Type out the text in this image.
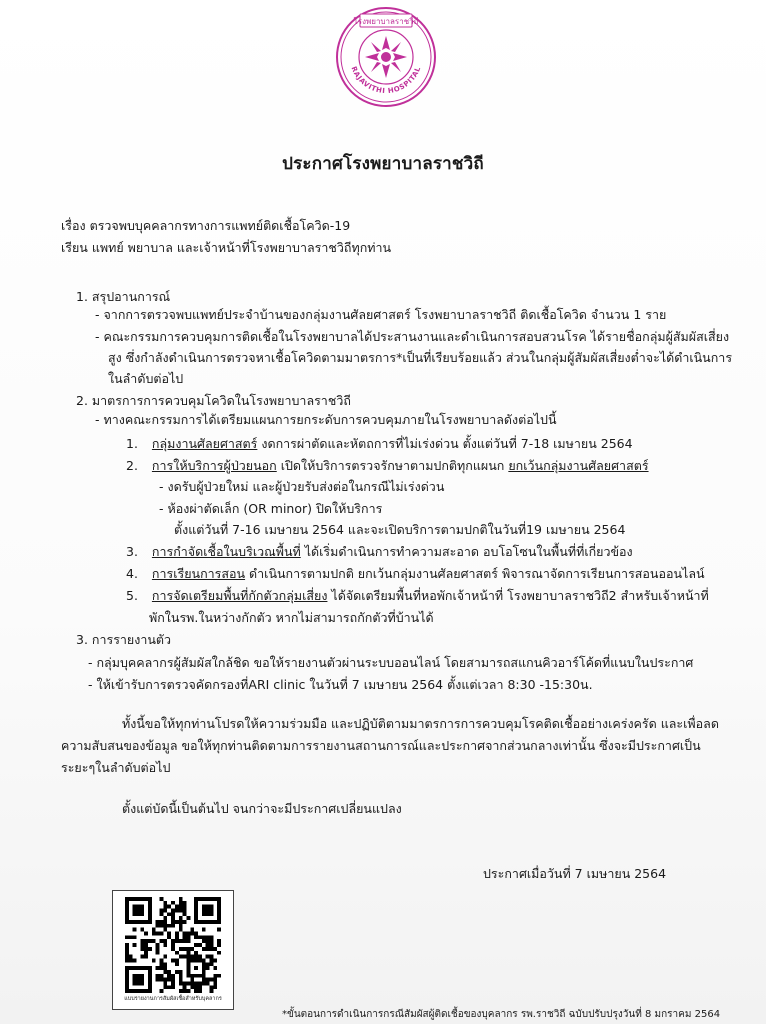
โรงพยาบาลราชวิถี
RAJAVITHI HOSPITAL
ประกาศโรงพยาบาลราชวิถี
เรื่อง ตรวจพบบุคคลากรทางการแพทย์ติดเชื้อโควิด-19
เรียน แพทย์ พยาบาล และเจ้าหน้าที่โรงพยาบาลราชวิถีทุกท่าน
1. สรุปอานการณ์
- จากการตรวจพบแพทย์ประจำบ้านของกลุ่มงานศัลยศาสตร์ โรงพยาบาลราชวิถี ติดเชื้อโควิด จำนวน 1 ราย
- คณะกรรมการควบคุมการติดเชื้อในโรงพยาบาลได้ประสานงานและดำเนินการสอบสวนโรค ได้รายชื่อกลุ่มผู้สัมผัสเสี่ยง
สูง ซึ่งกำลังดำเนินการตรวจหาเชื้อโควิดตามมาตรการ*เป็นที่เรียบร้อยแล้ว ส่วนในกลุ่มผู้สัมผัสเสี่ยงต่ำจะได้ดำเนินการ
ในลำดับต่อไป
2. มาตรการการควบคุมโควิดในโรงพยาบาลราชวิถี
- ทางคณะกรรมการได้เตรียมแผนการยกระดับการควบคุมภายในโรงพยาบาลดังต่อไปนี้
1. กลุ่มงานศัลยศาสตร์ งดการผ่าตัดและหัตถการที่ไม่เร่งด่วน ตั้งแต่วันที่ 7-18 เมษายน 2564
2. การให้บริการผู้ป่วยนอก เปิดให้บริการตรวจรักษาตามปกติทุกแผนก ยกเว้นกลุ่มงานศัลยศาสตร์
- งดรับผู้ป่วยใหม่ และผู้ป่วยรับส่งต่อในกรณีไม่เร่งด่วน
- ห้องผ่าตัดเล็ก (OR minor) ปิดให้บริการ
ตั้งแต่วันที่ 7-16 เมษายน 2564 และจะเปิดบริการตามปกติในวันที่19 เมษายน 2564
3. การกำจัดเชื้อในบริเวณพื้นที่ ได้เริ่มดำเนินการทำความสะอาด อบโอโซนในพื้นที่ที่เกี่ยวข้อง
4. การเรียนการสอน ดำเนินการตามปกติ ยกเว้นกลุ่มงานศัลยศาสตร์ พิจารณาจัดการเรียนการสอนออนไลน์
5. การจัดเตรียมพื้นที่กักตัวกลุ่มเสี่ยง ได้จัดเตรียมพื้นที่หอพักเจ้าหน้าที่ โรงพยาบาลราชวิถี2 สำหรับเจ้าหน้าที่
พักในรพ.ในหว่างกักตัว หากไม่สามารถกักตัวที่บ้านได้
3. การรายงานตัว
- กลุ่มบุคคลากรผู้สัมผัสใกล้ชิด ขอให้รายงานตัวผ่านระบบออนไลน์ โดยสามารถสแกนคิวอาร์โค้ดที่แนบในประกาศ
- ให้เข้ารับการตรวจคัดกรองที่ARI clinic ในวันที่ 7 เมษายน 2564 ตั้งแต่เวลา 8:30 -15:30น.
ทั้งนี้ขอให้ทุกท่านโปรดให้ความร่วมมือ และปฏิบัติตามมาตรการการควบคุมโรคติดเชื้ออย่างเคร่งครัด และเพื่อลด
ความสับสนของข้อมูล ขอให้ทุกท่านติดตามการรายงานสถานการณ์และประกาศจากส่วนกลางเท่านั้น ซึ่งจะมีประกาศเป็น
ระยะๆในลำดับต่อไป
ตั้งแต่บัดนี้เป็นต้นไป จนกว่าจะมีประกาศเปลี่ยนแปลง
ประกาศเมื่อวันที่ 7 เมษายน 2564
แบบรายงานการสัมผัสเชื้อสำหรับบุคลากร
*ขั้นตอนการดำเนินการกรณีสัมผัสผู้ติดเชื้อของบุคลากร รพ.ราชวิถี ฉบับปรับปรุงวันที่ 8 มกราคม 2564
